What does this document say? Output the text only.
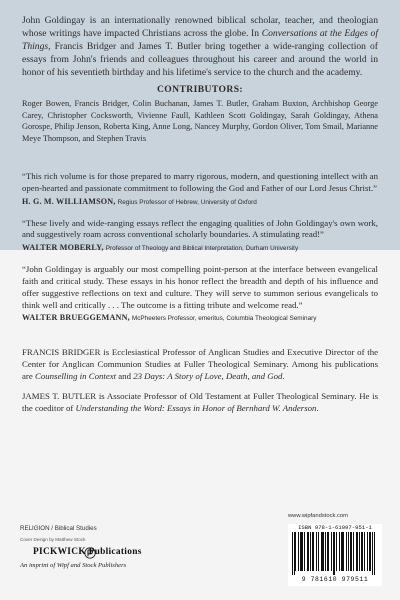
John Goldingay is an internationally renowned biblical scholar, teacher, and theologian whose writings have impacted Christians across the globe. In Conversations at the Edges of Things, Francis Bridger and James T. Butler bring together a wide-ranging collection of essays from John's friends and colleagues throughout his career and around the world in honor of his seventieth birthday and his lifetime's service to the church and the academy.

CONTRIBUTORS:

Roger Bowen, Francis Bridger, Colin Buchanan, James T. Butler, Graham Buxton, Archbishop George Carey, Christopher Cocksworth, Vivienne Faull, Kathleen Scott Goldingay, Sarah Goldingay, Athena Gorospe, Philip Jenson, Roberta King, Anne Long, Nancey Murphy, Gordon Oliver, Tom Smail, Marianne Meye Thompson, and Stephen Travis

“This rich volume is for those prepared to marry rigorous, modern, and questioning intellect with an open-hearted and passionate commitment to following the God and Father of our Lord Jesus Christ.”

H. G. M. WILLIAMSON, Regius Professor of Hebrew, University of Oxford

“These lively and wide-ranging essays reflect the engaging qualities of John Goldingay's own work, and suggestively roam across conventional scholarly boundaries. A stimulating read!”

WALTER MOBERLY, Professor of Theology and Biblical Interpretation, Durham University

“John Goldingay is arguably our most compelling point-person at the interface between evangelical faith and critical study. These essays in his honor reflect the breadth and depth of his influence and offer suggestive reflections on text and culture. They will serve to summon serious evangelicals to think well and critically . . . The outcome is a fitting tribute and welcome read.”

WALTER BRUEGGEMANN, McPheeters Professor, emeritus, Columbia Theological Seminary

FRANCIS BRIDGER is Ecclesiastical Professor of Anglican Studies and Executive Director of the Center for Anglican Communion Studies at Fuller Theological Seminary. Among his publications are Counselling in Context and 23 Days: A Story of Love, Death, and God.

JAMES T. BUTLER is Associate Professor of Old Testament at Fuller Theological Seminary. He is the coeditor of Understanding the Word: Essays in Honor of Bernhard W. Anderson.

RELIGION / Biblical Studies
Cover Design by Matthew Stock
PICKWICK Publications
An imprint of Wipf and Stock Publishers
www.wipfandstock.com
ISBN 978-1-61097-951-1
9 781610 979511
